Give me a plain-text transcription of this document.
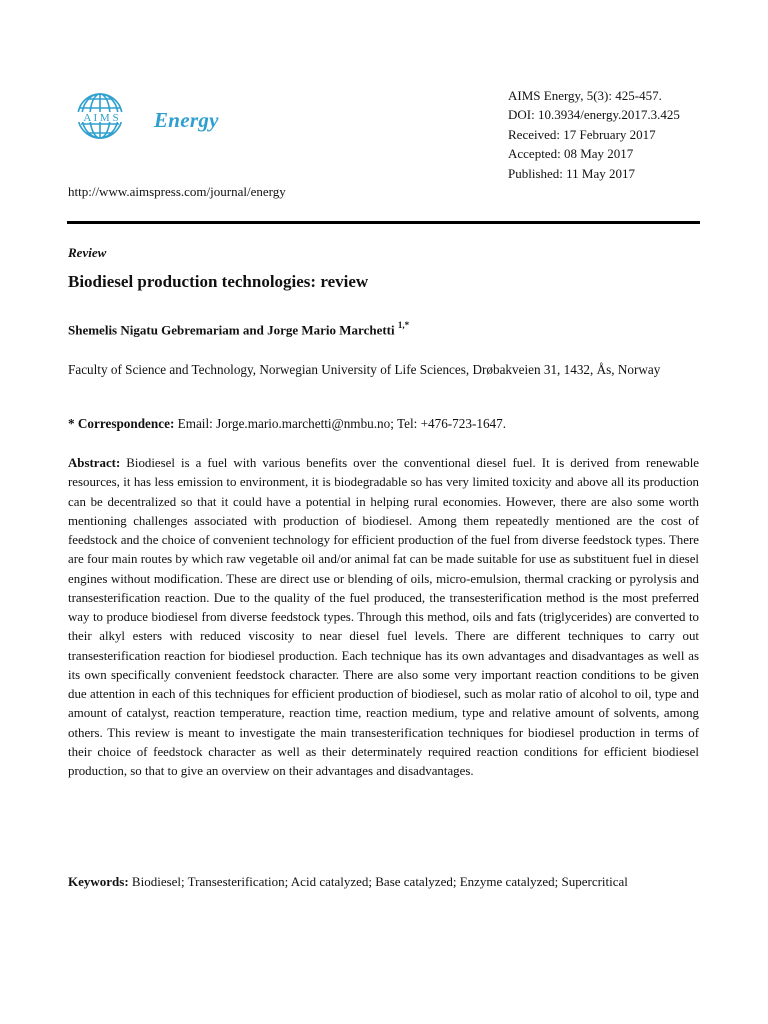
A I M S Energy
AIMS Energy, 5(3): 425-457.
DOI: 10.3934/energy.2017.3.425
Received: 17 February 2017
Accepted: 08 May 2017
Published: 11 May 2017
http://www.aimspress.com/journal/energy
Review
Biodiesel production technologies: review
Shemelis Nigatu Gebremariam and Jorge Mario Marchetti $^{1,*}$
Faculty of Science and Technology, Norwegian University of Life Sciences, Drøbakveien 31, 1432, Ås, Norway
* Correspondence: Email: Jorge.mario.marchetti@nmbu.no; Tel: +476-723-1647.
Abstract: Biodiesel is a fuel with various benefits over the conventional diesel fuel. It is derived from renewable resources, it has less emission to environment, it is biodegradable so has very limited toxicity and above all its production can be decentralized so that it could have a potential in helping rural economies. However, there are also some worth mentioning challenges associated with production of biodiesel. Among them repeatedly mentioned are the cost of feedstock and the choice of convenient technology for efficient production of the fuel from diverse feedstock types. There are four main routes by which raw vegetable oil and/or animal fat can be made suitable for use as substituent fuel in diesel engines without modification. These are direct use or blending of oils, micro-emulsion, thermal cracking or pyrolysis and transesterification reaction. Due to the quality of the fuel produced, the transesterification method is the most preferred way to produce biodiesel from diverse feedstock types. Through this method, oils and fats (triglycerides) are converted to their alkyl esters with reduced viscosity to near diesel fuel levels. There are different techniques to carry out transesterification reaction for biodiesel production. Each technique has its own advantages and disadvantages as well as its own specifically convenient feedstock character. There are also some very important reaction conditions to be given due attention in each of this techniques for efficient production of biodiesel, such as molar ratio of alcohol to oil, type and amount of catalyst, reaction temperature, reaction time, reaction medium, type and relative amount of solvents, among others. This review is meant to investigate the main transesterification techniques for biodiesel production in terms of their choice of feedstock character as well as their determinately required reaction conditions for efficient biodiesel production, so that to give an overview on their advantages and disadvantages.
Keywords: Biodiesel; Transesterification; Acid catalyzed; Base catalyzed; Enzyme catalyzed; Supercritical
